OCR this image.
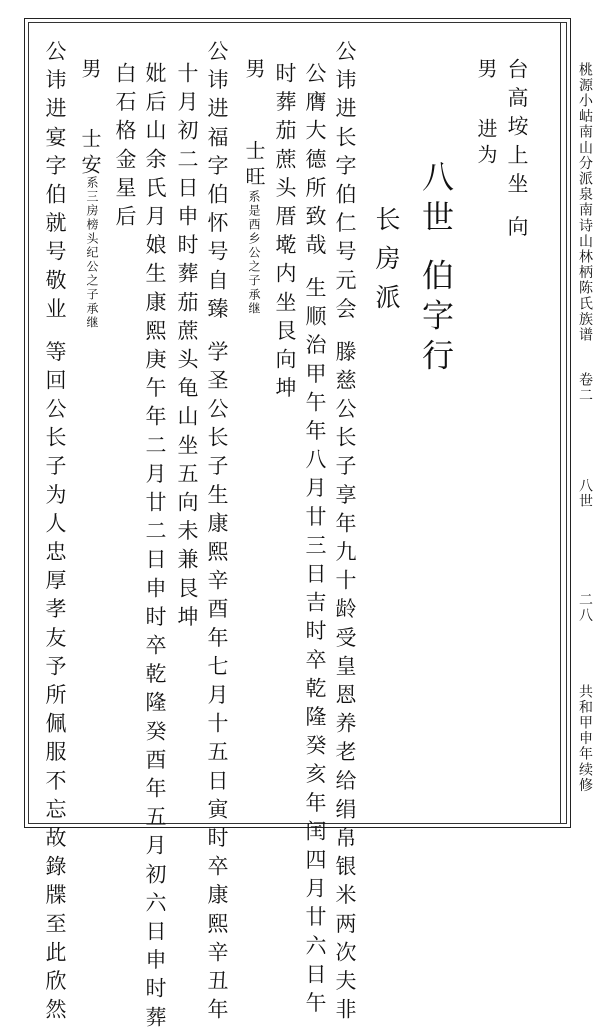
桃源小岵南山分派泉南诗山林柄陈氏族谱
卷二
八世
二八
共和甲申年续修
台高垵上坐 向
男
进为
八世 伯字行
长房派
公讳进长字伯仁号元会 滕慈公长子享年九十龄受皇恩养老给绢帛银米两次夫非
公膺大德所致哉 生顺治甲午年八月廿三日吉时卒乾隆癸亥年闰四月廿六日午
时葬茄蔗头厝墘内坐艮向坤
男
士旺
系是西乡公之子承继
公讳进福字伯怀号自臻 学圣公长子生康熙辛酉年七月十五日寅时卒康熙辛丑年
十月初二日申时葬茄蔗头龟山坐五向未兼艮坤
妣后山余氏月娘生康熙庚午年二月廿二日申时卒乾隆癸酉年五月初六日申时葬
白石格金星后
男
士安
系三房榜头纪公之子承继
公讳进宴字伯就号敬业 等回公长子为人忠厚孝友予所佩服不忘故錄牒至此欣然
